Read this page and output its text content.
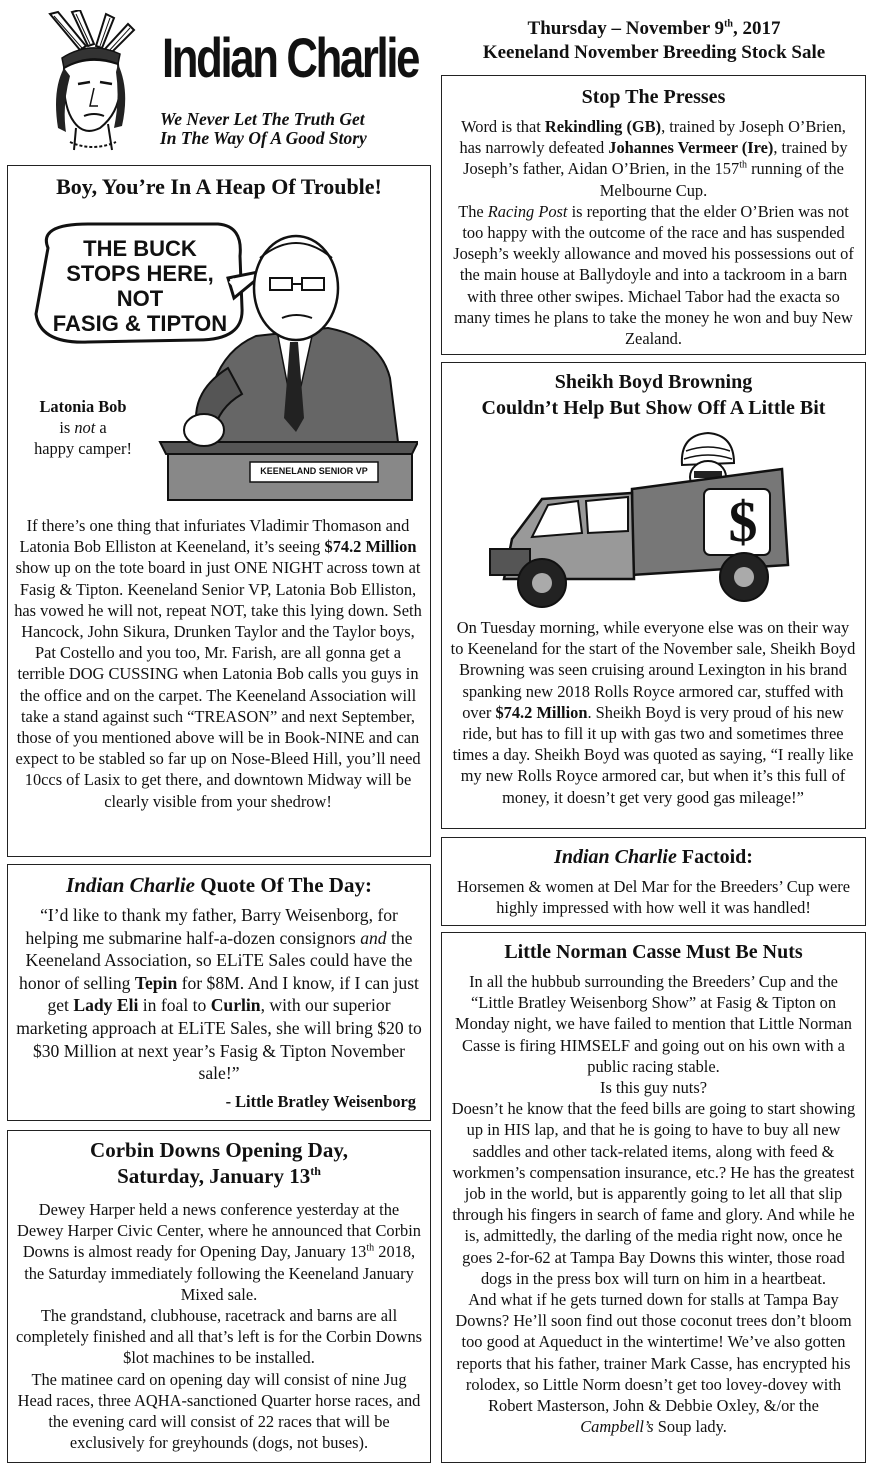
Indian Charlie
We Never Let The Truth Get
In The Way Of A Good Story
Thursday – November 9th, 2017
Keeneland November Breeding Stock Sale
Boy, You’re In A Heap Of Trouble!
THE BUCK
STOPS HERE,
NOT
FASIG & TIPTON
KEENELAND SENIOR VP
Latonia Bob
is not a
happy camper!
If there’s one thing that infuriates Vladimir Thomason and Latonia Bob Elliston at Keeneland, it’s seeing $74.2 Million show up on the tote board in just ONE NIGHT across town at Fasig & Tipton. Keeneland Senior VP, Latonia Bob Elliston, has vowed he will not, repeat NOT, take this lying down. Seth Hancock, John Sikura, Drunken Taylor and the Taylor boys, Pat Costello and you too, Mr. Farish, are all gonna get a terrible DOG CUSSING when Latonia Bob calls you guys in the office and on the carpet. The Keeneland Association will take a stand against such “TREASON” and next September, those of you mentioned above will be in Book-NINE and can expect to be stabled so far up on Nose-Bleed Hill, you’ll need 10ccs of Lasix to get there, and downtown Midway will be clearly visible from your shedrow!
Indian Charlie Quote Of The Day:
“I’d like to thank my father, Barry Weisenborg, for helping me submarine half-a-dozen consignors and the Keeneland Association, so ELiTE Sales could have the honor of selling Tepin for $8M. And I know, if I can just get Lady Eli in foal to Curlin, with our superior marketing approach at ELiTE Sales, she will bring $20 to $30 Million at next year’s Fasig & Tipton November sale!”
- Little Bratley Weisenborg
Corbin Downs Opening Day,
Saturday, January 13th
Dewey Harper held a news conference yesterday at the Dewey Harper Civic Center, where he announced that Corbin Downs is almost ready for Opening Day, January 13th 2018, the Saturday immediately following the Keeneland January Mixed sale.
The grandstand, clubhouse, racetrack and barns are all completely finished and all that’s left is for the Corbin Downs $lot machines to be installed.
The matinee card on opening day will consist of nine Jug Head races, three AQHA-sanctioned Quarter horse races, and the evening card will consist of 22 races that will be exclusively for greyhounds (dogs, not buses).
Stop The Presses
Word is that Rekindling (GB), trained by Joseph O’Brien, has narrowly defeated Johannes Vermeer (Ire), trained by Joseph’s father, Aidan O’Brien, in the 157th running of the Melbourne Cup.
The Racing Post is reporting that the elder O’Brien was not too happy with the outcome of the race and has suspended Joseph’s weekly allowance and moved his possessions out of the main house at Ballydoyle and into a tackroom in a barn with three other swipes. Michael Tabor had the exacta so many times he plans to take the money he won and buy New Zealand.
Sheikh Boyd Browning
Couldn’t Help But Show Off A Little Bit
$
On Tuesday morning, while everyone else was on their way to Keeneland for the start of the November sale, Sheikh Boyd Browning was seen cruising around Lexington in his brand spanking new 2018 Rolls Royce armored car, stuffed with over $74.2 Million. Sheikh Boyd is very proud of his new ride, but has to fill it up with gas two and sometimes three times a day. Sheikh Boyd was quoted as saying, “I really like my new Rolls Royce armored car, but when it’s this full of money, it doesn’t get very good gas mileage!”
Indian Charlie Factoid:
Horsemen & women at Del Mar for the Breeders’ Cup were highly impressed with how well it was handled!
Little Norman Casse Must Be Nuts
In all the hubbub surrounding the Breeders’ Cup and the “Little Bratley Weisenborg Show” at Fasig & Tipton on Monday night, we have failed to mention that Little Norman Casse is firing HIMSELF and going out on his own with a public racing stable.
Is this guy nuts?
Doesn’t he know that the feed bills are going to start showing up in HIS lap, and that he is going to have to buy all new saddles and other tack-related items, along with feed & workmen’s compensation insurance, etc.? He has the greatest job in the world, but is apparently going to let all that slip through his fingers in search of fame and glory. And while he is, admittedly, the darling of the media right now, once he goes 2-for-62 at Tampa Bay Downs this winter, those road dogs in the press box will turn on him in a heartbeat.
And what if he gets turned down for stalls at Tampa Bay Downs? He’ll soon find out those coconut trees don’t bloom too good at Aqueduct in the wintertime! We’ve also gotten reports that his father, trainer Mark Casse, has encrypted his rolodex, so Little Norm doesn’t get too lovey-dovey with Robert Masterson, John & Debbie Oxley, &/or the Campbell’s Soup lady.
